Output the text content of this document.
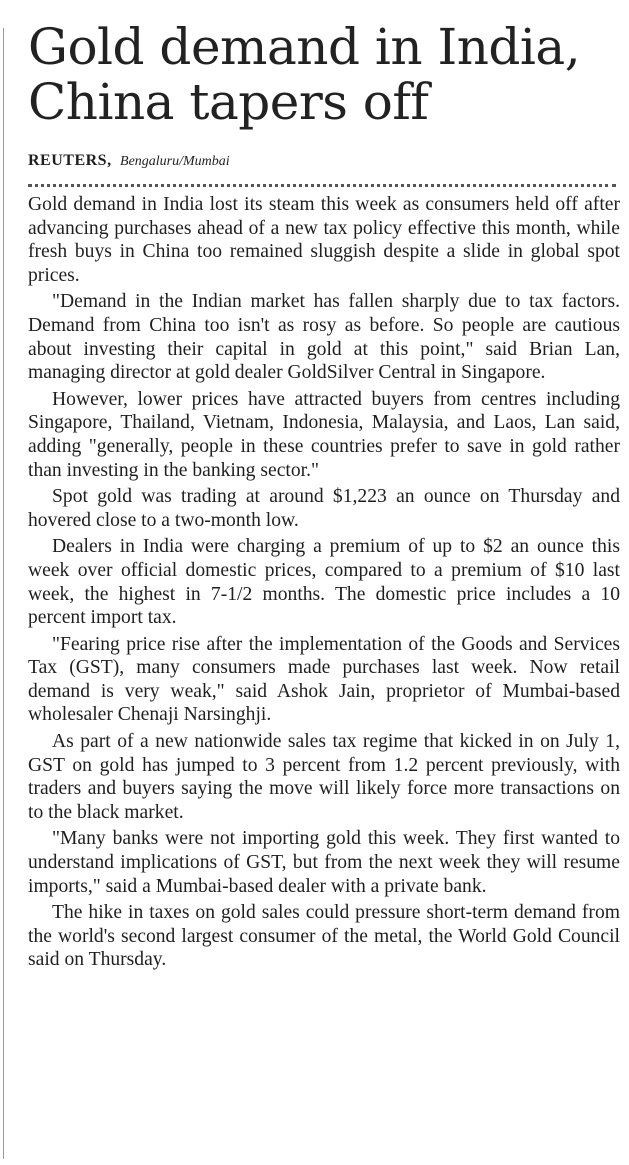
Gold demand in India, China tapers off
REUTERS, Bengaluru/Mumbai

Gold demand in India lost its steam this week as consumers held off after advancing purchases ahead of a new tax policy effective this month, while fresh buys in China too remained sluggish despite a slide in global spot prices.

"Demand in the Indian market has fallen sharply due to tax factors. Demand from China too isn't as rosy as before. So people are cautious about investing their capital in gold at this point," said Brian Lan, managing director at gold dealer GoldSilver Central in Singapore.

However, lower prices have attracted buyers from centres including Singapore, Thailand, Vietnam, Indonesia, Malaysia, and Laos, Lan said, adding "generally, people in these countries prefer to save in gold rather than investing in the banking sector."

Spot gold was trading at around $1,223 an ounce on Thursday and hovered close to a two-month low.

Dealers in India were charging a premium of up to $2 an ounce this week over official domestic prices, compared to a premium of $10 last week, the highest in 7-1/2 months. The domestic price includes a 10 percent import tax.

"Fearing price rise after the implementation of the Goods and Services Tax (GST), many consumers made purchases last week. Now retail demand is very weak," said Ashok Jain, proprietor of Mumbai-based wholesaler Chenaji Narsinghji.

As part of a new nationwide sales tax regime that kicked in on July 1, GST on gold has jumped to 3 percent from 1.2 percent previously, with traders and buyers saying the move will likely force more transactions on to the black market.

"Many banks were not importing gold this week. They first wanted to understand implications of GST, but from the next week they will resume imports," said a Mumbai-based dealer with a private bank.

The hike in taxes on gold sales could pressure short-term demand from the world's second largest consumer of the metal, the World Gold Council said on Thursday.
